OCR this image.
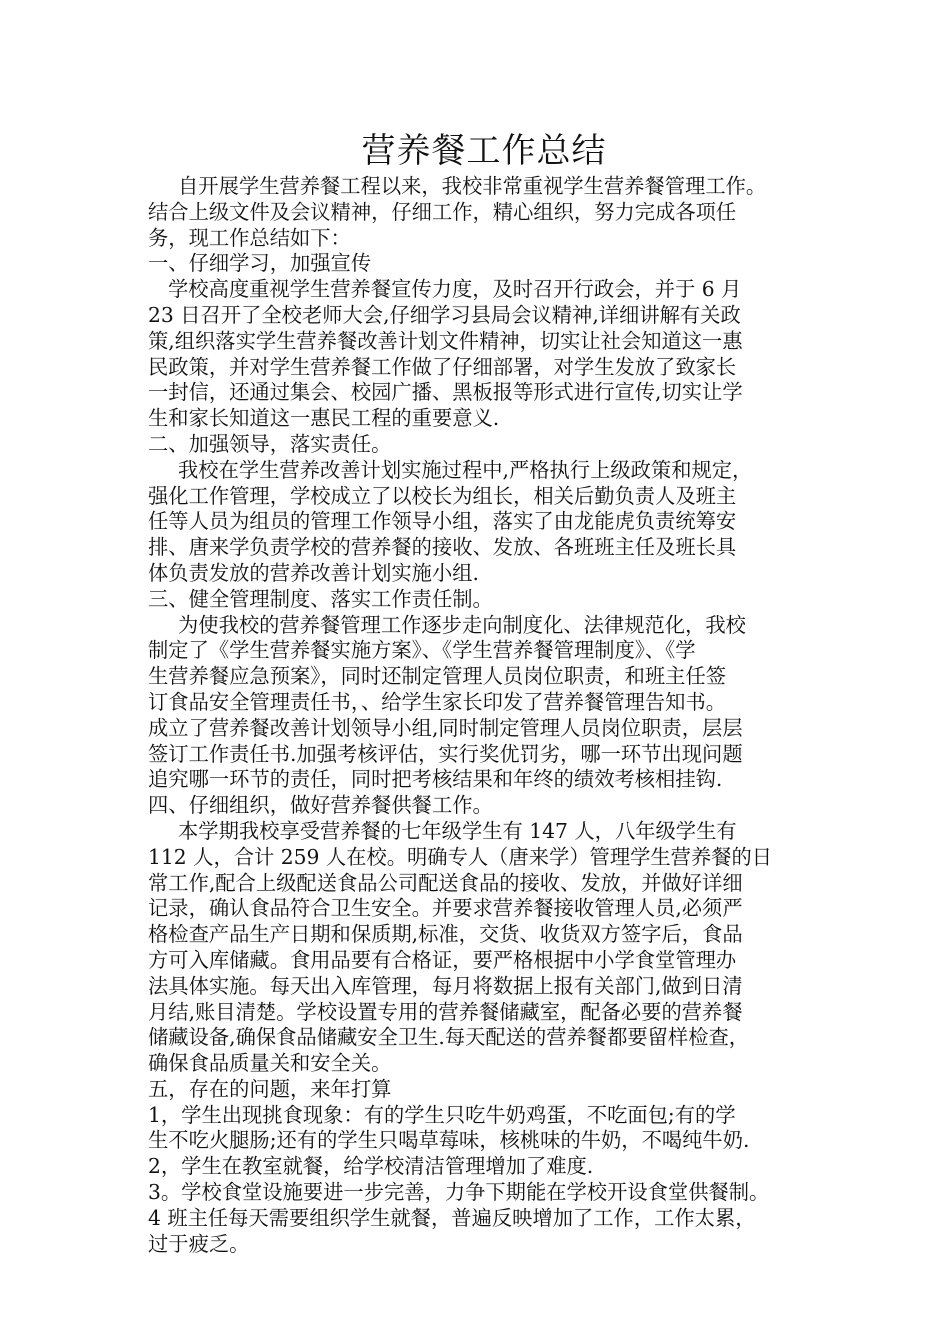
营养餐工作总结

自开展学生营养餐工程以来，我校非常重视学生营养餐管理工作。

结合上级文件及会议精神，仔细工作，精心组织，努力完成各项任

务，现工作总结如下：

一、仔细学习，加强宣传

学校高度重视学生营养餐宣传力度，及时召开行政会，并于 6 月

23 日召开了全校老师大会,仔细学习县局会议精神,详细讲解有关政

策,组织落实学生营养餐改善计划文件精神，切实让社会知道这一惠

民政策，并对学生营养餐工作做了仔细部署，对学生发放了致家长

一封信，还通过集会、校园广播、黑板报等形式进行宣传,切实让学

生和家长知道这一惠民工程的重要意义.

二、加强领导，落实责任。

我校在学生营养改善计划实施过程中,严格执行上级政策和规定，

强化工作管理，学校成立了以校长为组长，相关后勤负责人及班主

任等人员为组员的管理工作领导小组，落实了由龙能虎负责统筹安

排、唐来学负责学校的营养餐的接收、发放、各班班主任及班长具

体负责发放的营养改善计划实施小组.

三、健全管理制度、落实工作责任制。

为使我校的营养餐管理工作逐步走向制度化、法律规范化，我校

制定了《学生营养餐实施方案》、《学生营养餐管理制度》、《学

生营养餐应急预案》，同时还制定管理人员岗位职责，和班主任签

订食品安全管理责任书，、给学生家长印发了营养餐管理告知书。

成立了营养餐改善计划领导小组,同时制定管理人员岗位职责，层层

签订工作责任书.加强考核评估，实行奖优罚劣，哪一环节出现问题

追究哪一环节的责任，同时把考核结果和年终的绩效考核相挂钩.

四、仔细组织，做好营养餐供餐工作。

本学期我校享受营养餐的七年级学生有 147 人，八年级学生有

112 人，合计 259 人在校。明确专人（唐来学）管理学生营养餐的日

常工作,配合上级配送食品公司配送食品的接收、发放，并做好详细

记录，确认食品符合卫生安全。并要求营养餐接收管理人员,必须严

格检查产品生产日期和保质期,标准，交货、收货双方签字后，食品

方可入库储藏。食用品要有合格证，要严格根据中小学食堂管理办

法具体实施。每天出入库管理，每月将数据上报有关部门,做到日清

月结,账目清楚。学校设置专用的营养餐储藏室，配备必要的营养餐

储藏设备,确保食品储藏安全卫生.每天配送的营养餐都要留样检查，

确保食品质量关和安全关。

五，存在的问题，来年打算

1，学生出现挑食现象：有的学生只吃牛奶鸡蛋，不吃面包;有的学

生不吃火腿肠;还有的学生只喝草莓味，核桃味的牛奶，不喝纯牛奶.

2，学生在教室就餐，给学校清洁管理增加了难度.

3。学校食堂设施要进一步完善，力争下期能在学校开设食堂供餐制。

4 班主任每天需要组织学生就餐，普遍反映增加了工作，工作太累，

过于疲乏。
